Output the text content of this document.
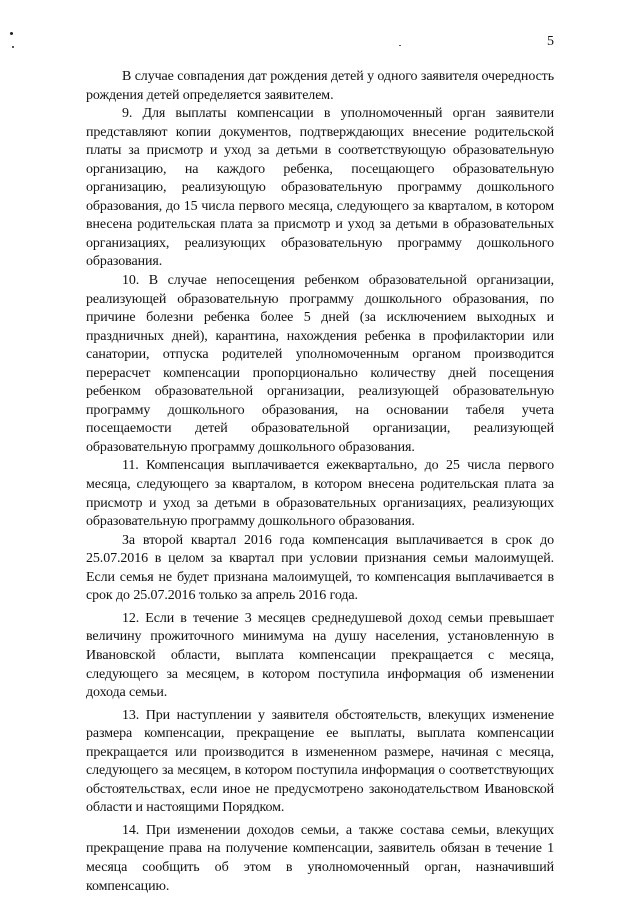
5

В случае совпадения дат рождения детей у одного заявителя очередность рождения детей определяется заявителем.

9. Для выплаты компенсации в уполномоченный орган заявители представляют копии документов, подтверждающих внесение родительской платы за присмотр и уход за детьми в соответствующую образовательную организацию, на каждого ребенка, посещающего образовательную организацию, реализующую образовательную программу дошкольного образования, до 15 числа первого месяца, следующего за кварталом, в котором внесена родительская плата за присмотр и уход за детьми в образовательных организациях, реализующих образовательную программу дошкольного образования.

10. В случае непосещения ребенком образовательной организации, реализующей образовательную программу дошкольного образования, по причине болезни ребенка более 5 дней (за исключением выходных и праздничных дней), карантина, нахождения ребенка в профилактории или санатории, отпуска родителей уполномоченным органом производится перерасчет компенсации пропорционально количеству дней посещения ребенком образовательной организации, реализующей образовательную программу дошкольного образования, на основании табеля учета посещаемости детей образовательной организации, реализующей образовательную программу дошкольного образования.

11. Компенсация выплачивается ежеквартально, до 25 числа первого месяца, следующего за кварталом, в котором внесена родительская плата за присмотр и уход за детьми в образовательных организациях, реализующих образовательную программу дошкольного образования.

За второй квартал 2016 года компенсация выплачивается в срок до 25.07.2016 в целом за квартал при условии признания семьи малоимущей. Если семья не будет признана малоимущей, то компенсация выплачивается в срок до 25.07.2016 только за апрель 2016 года.

12. Если в течение 3 месяцев среднедушевой доход семьи превышает величину прожиточного минимума на душу населения, установленную в Ивановской области, выплата компенсации прекращается с месяца, следующего за месяцем, в котором поступила информация об изменении дохода семьи.

13. При наступлении у заявителя обстоятельств, влекущих изменение размера компенсации, прекращение ее выплаты, выплата компенсации прекращается или производится в измененном размере, начиная с месяца, следующего за месяцем, в котором поступила информация о соответствующих обстоятельствах, если иное не предусмотрено законодательством Ивановской области и настоящими Порядком.

14. При изменении доходов семьи, а также состава семьи, влекущих прекращение права на получение компенсации, заявитель обязан в течение 1 месяца сообщить об этом в уполномоченный орган, назначивший компенсацию.
